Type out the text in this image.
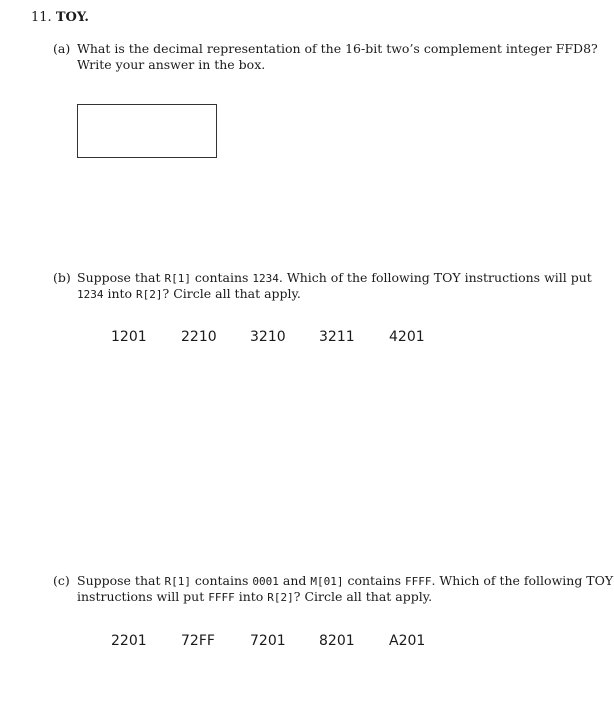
11. TOY.
(a) What is the decimal representation of the 16-bit two’s complement integer FFD8?
Write your answer in the box.
(b) Suppose that R[1] contains 1234. Which of the following TOY instructions will put
1234 into R[2]? Circle all that apply.
1201 2210 3210 3211 4201
(c) Suppose that R[1] contains 0001 and M[01] contains FFFF. Which of the following TOY
instructions will put FFFF into R[2]? Circle all that apply.
2201 72FF	7201 8201 A201
